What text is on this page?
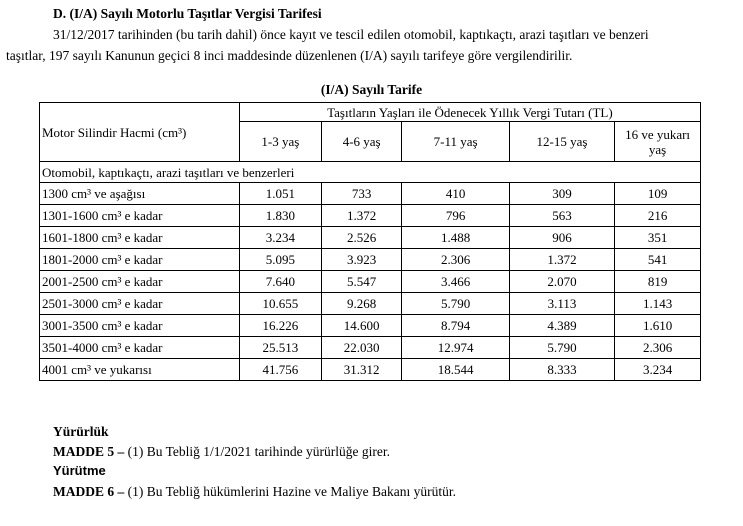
D. (I/A) Sayılı Motorlu Taşıtlar Vergisi Tarifesi
31/12/2017 tarihinden (bu tarih dahil) önce kayıt ve tescil edilen otomobil, kaptıkaçtı, arazi taşıtları ve benzeri
taşıtlar, 197 sayılı Kanunun geçici 8 inci maddesinde düzenlenen (I/A) sayılı tarifeye göre vergilendirilir.
(I/A) Sayılı Tarife
Motor Silindir Hacmi (cm³)	Taşıtların Yaşları ile Ödenecek Yıllık Vergi Tutarı (TL)				
	1-3 yaş	4-6 yaş	7-11 yaş	12-15 yaş	16 ve yukarı yaş
Otomobil, kaptıkaçtı, arazi taşıtları ve benzerleri					
1300 cm³ ve aşağısı	1.051	733	410	309	109
1301-1600 cm³ e kadar	1.830	1.372	796	563	216
1601-1800 cm³ e kadar	3.234	2.526	1.488	906	351
1801-2000 cm³ e kadar	5.095	3.923	2.306	1.372	541
2001-2500 cm³ e kadar	7.640	5.547	3.466	2.070	819
2501-3000 cm³ e kadar	10.655	9.268	5.790	3.113	1.143
3001-3500 cm³ e kadar	16.226	14.600	8.794	4.389	1.610
3501-4000 cm³ e kadar	25.513	22.030	12.974	5.790	2.306
4001 cm³ ve yukarısı	41.756	31.312	18.544	8.333	3.234
Yürürlük
MADDE 5 – (1) Bu Tebliğ 1/1/2021 tarihinde yürürlüğe girer.
Yürütme
MADDE 6 – (1) Bu Tebliğ hükümlerini Hazine ve Maliye Bakanı yürütür.
